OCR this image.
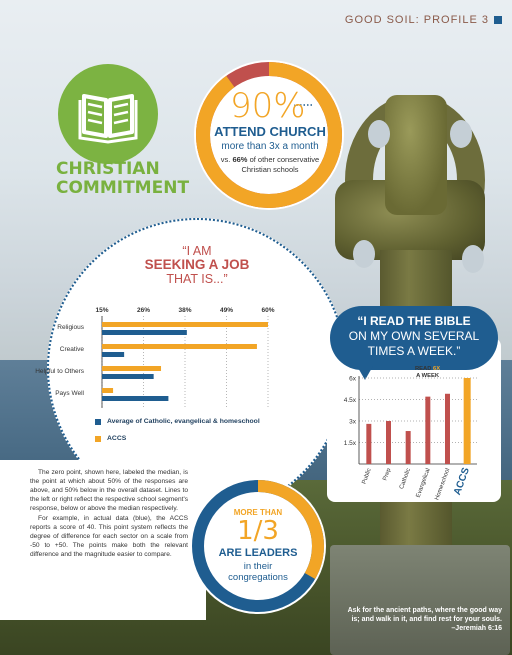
GOOD SOIL: PROFILE 3
CHRISTIAN
COMMITMENT
90%
ATTEND CHURCH
more than 3x a month
vs. 66% of other conservative Christian schools
“I AM
SEEKING A JOB
THAT IS...”
15%	26%	38%	49%	60%
Religious
Creative
Helpful to Others
Pays Well
Average of Catholic, evangelical & homeschool
ACCS

The zero point, shown here, labeled the median, is the point at which about 50% of the responses are above, and 50% below in the overall dataset. Lines to the left or right reflect the respective school segment's response, below or above the median respectively.

For example, in actual data (blue), the ACCS reports a score of 40. This point system reflects the degree of difference for each sector on a scale from -50 to +50. The points make both the relevant difference and the magnitude easier to compare.

“I READ THE BIBLE
ON MY OWN SEVERAL
TIMES A WEEK.”
1.5x
3x
4.5x
6x
Public Prep Catholic Evangelical Homeschool ACCS
READ 6X
A WEEK
MORE THAN
1/3
ARE LEADERS
in their
congregations
Ask for the ancient paths, where the good way
is; and walk in it, and find rest for your souls.
–Jeremiah 6:16
